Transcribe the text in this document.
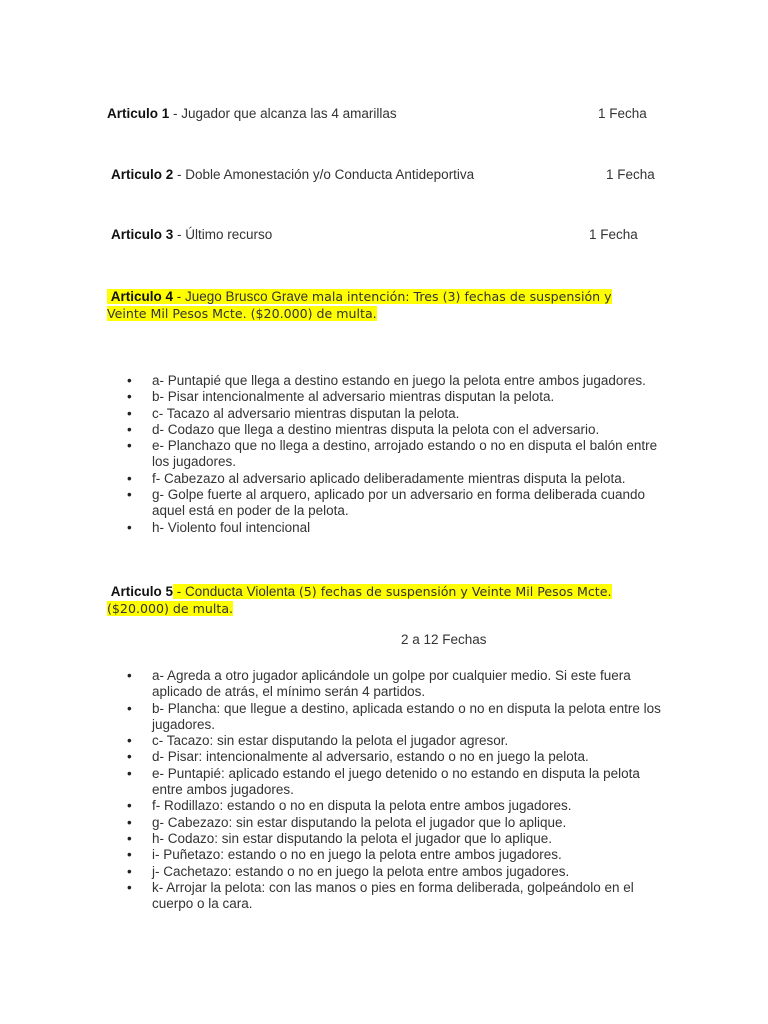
Articulo 1 - Jugador que alcanza las 4 amarillas	1 Fecha
Articulo 2 - Doble Amonestación y/o Conducta Antideportiva	1 Fecha
Articulo 3 - Último recurso	1 Fecha
Articulo 4 - Juego Brusco Grave mala intención: Tres (3) fechas de suspensión y Veinte Mil Pesos Mcte. ($20.000) de multa.
• a- Puntapié que llega a destino estando en juego la pelota entre ambos jugadores.
• b- Pisar intencionalmente al adversario mientras disputan la pelota.
• c- Tacazo al adversario mientras disputan la pelota.
• d- Codazo que llega a destino mientras disputa la pelota con el adversario.
• e- Planchazo que no llega a destino, arrojado estando o no en disputa el balón entre los jugadores.
• f- Cabezazo al adversario aplicado deliberadamente mientras disputa la pelota.
• g- Golpe fuerte al arquero, aplicado por un adversario en forma deliberada cuando aquel está en poder de la pelota.
• h- Violento foul intencional
Articulo 5 - Conducta Violenta (5) fechas de suspensión y Veinte Mil Pesos Mcte. ($20.000) de multa.
2 a 12 Fechas
• a- Agreda a otro jugador aplicándole un golpe por cualquier medio. Si este fuera aplicado de atrás, el mínimo serán 4 partidos.
• b- Plancha: que llegue a destino, aplicada estando o no en disputa la pelota entre los jugadores.
• c- Tacazo: sin estar disputando la pelota el jugador agresor.
• d- Pisar: intencionalmente al adversario, estando o no en juego la pelota.
• e- Puntapié: aplicado estando el juego detenido o no estando en disputa la pelota entre ambos jugadores.
• f- Rodillazo: estando o no en disputa la pelota entre ambos jugadores.
• g- Cabezazo: sin estar disputando la pelota el jugador que lo aplique.
• h- Codazo: sin estar disputando la pelota el jugador que lo aplique.
• i- Puñetazo: estando o no en juego la pelota entre ambos jugadores.
• j- Cachetazo: estando o no en juego la pelota entre ambos jugadores.
• k- Arrojar la pelota: con las manos o pies en forma deliberada, golpeándolo en el cuerpo o la cara.
